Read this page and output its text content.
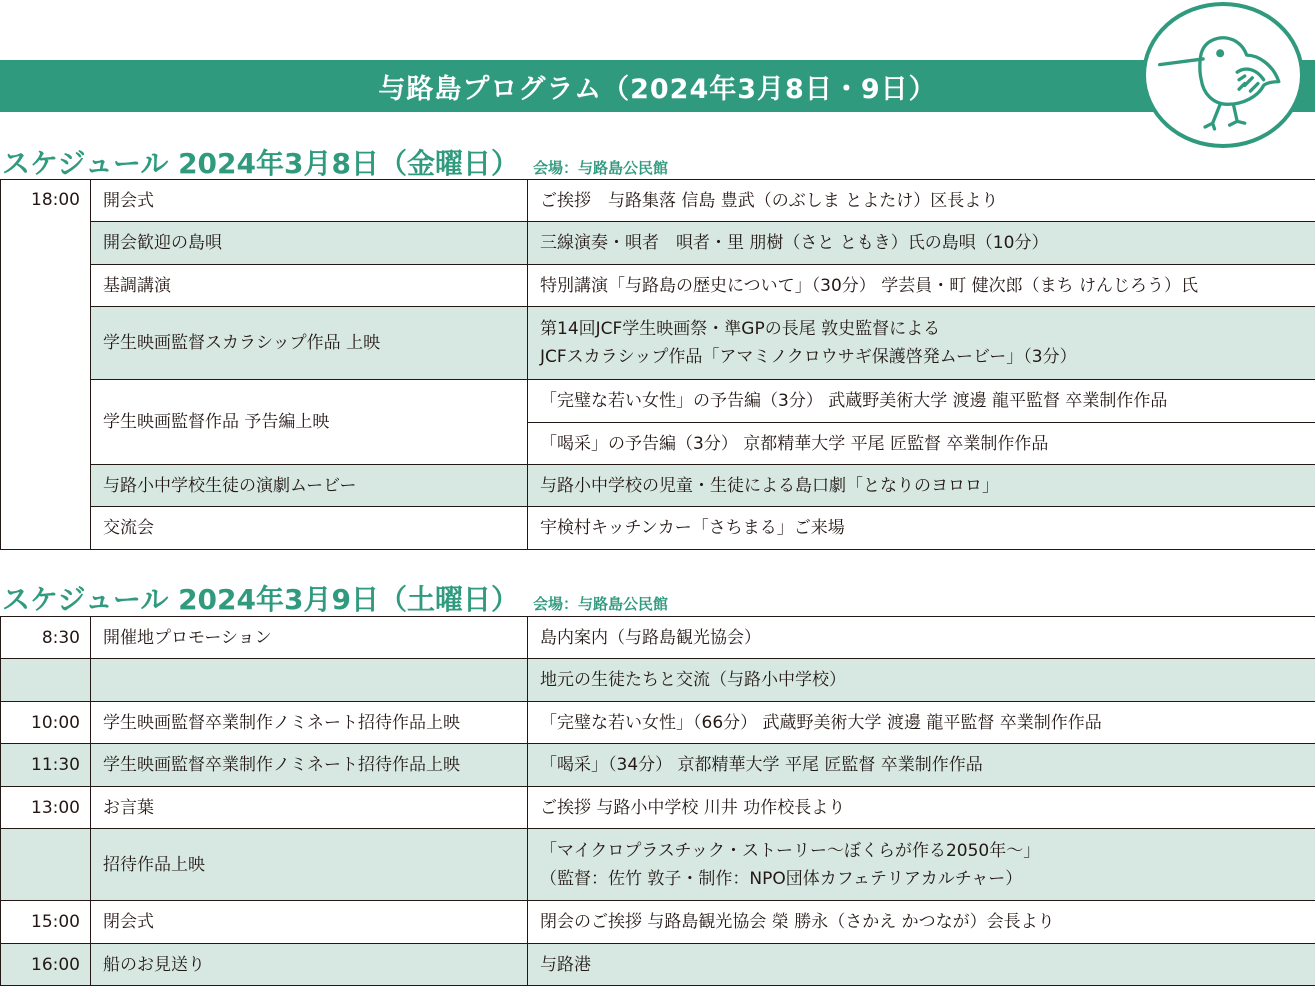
与路島プログラム（2024年3月8日・9日）
スケジュール 2024年3月8日（金曜日） 会場：与路島公民館
18:00	開会式	ご挨拶　与路集落 信島 豊武（のぶしま とよたけ）区長より
	開会歓迎の島唄	三線演奏・唄者　唄者・里 朋樹（さと ともき）氏の島唄（10分）
	基調講演	特別講演「与路島の歴史について」（30分） 学芸員・町 健次郎（まち けんじろう）氏
	学生映画監督スカラシップ作品 上映	第14回JCF学生映画祭・準GPの長尾 敦史監督による
JCFスカラシップ作品「アマミノクロウサギ保護啓発ムービー」（3分）

	学生映画監督作品 予告編上映	「完璧な若い女性」の予告編（3分） 武蔵野美術大学 渡邊 龍平監督 卒業制作作品
		「喝采」の予告編（3分） 京都精華大学 平尾 匠監督 卒業制作作品
	与路小中学校生徒の演劇ムービー	与路小中学校の児童・生徒による島口劇「となりのヨロロ」
	交流会	宇検村キッチンカー「さちまる」ご来場
スケジュール 2024年3月9日（土曜日） 会場：与路島公民館
8:30	開催地プロモーション	島内案内（与路島観光協会）
		地元の生徒たちと交流（与路小中学校）
10:00	学生映画監督卒業制作ノミネート招待作品上映	「完璧な若い女性」（66分） 武蔵野美術大学 渡邊 龍平監督 卒業制作作品
11:30	学生映画監督卒業制作ノミネート招待作品上映	「喝采」（34分） 京都精華大学 平尾 匠監督 卒業制作作品
13:00	お言葉	ご挨拶 与路小中学校 川井 功作校長より
	招待作品上映	「マイクロプラスチック・ストーリー～ぼくらが作る2050年～」
（監督：佐竹 敦子・制作：NPO団体カフェテリアカルチャー）

15:00	閉会式	閉会のご挨拶 与路島観光協会 榮 勝永（さかえ かつなが）会長より
16:00	船のお見送り	与路港
